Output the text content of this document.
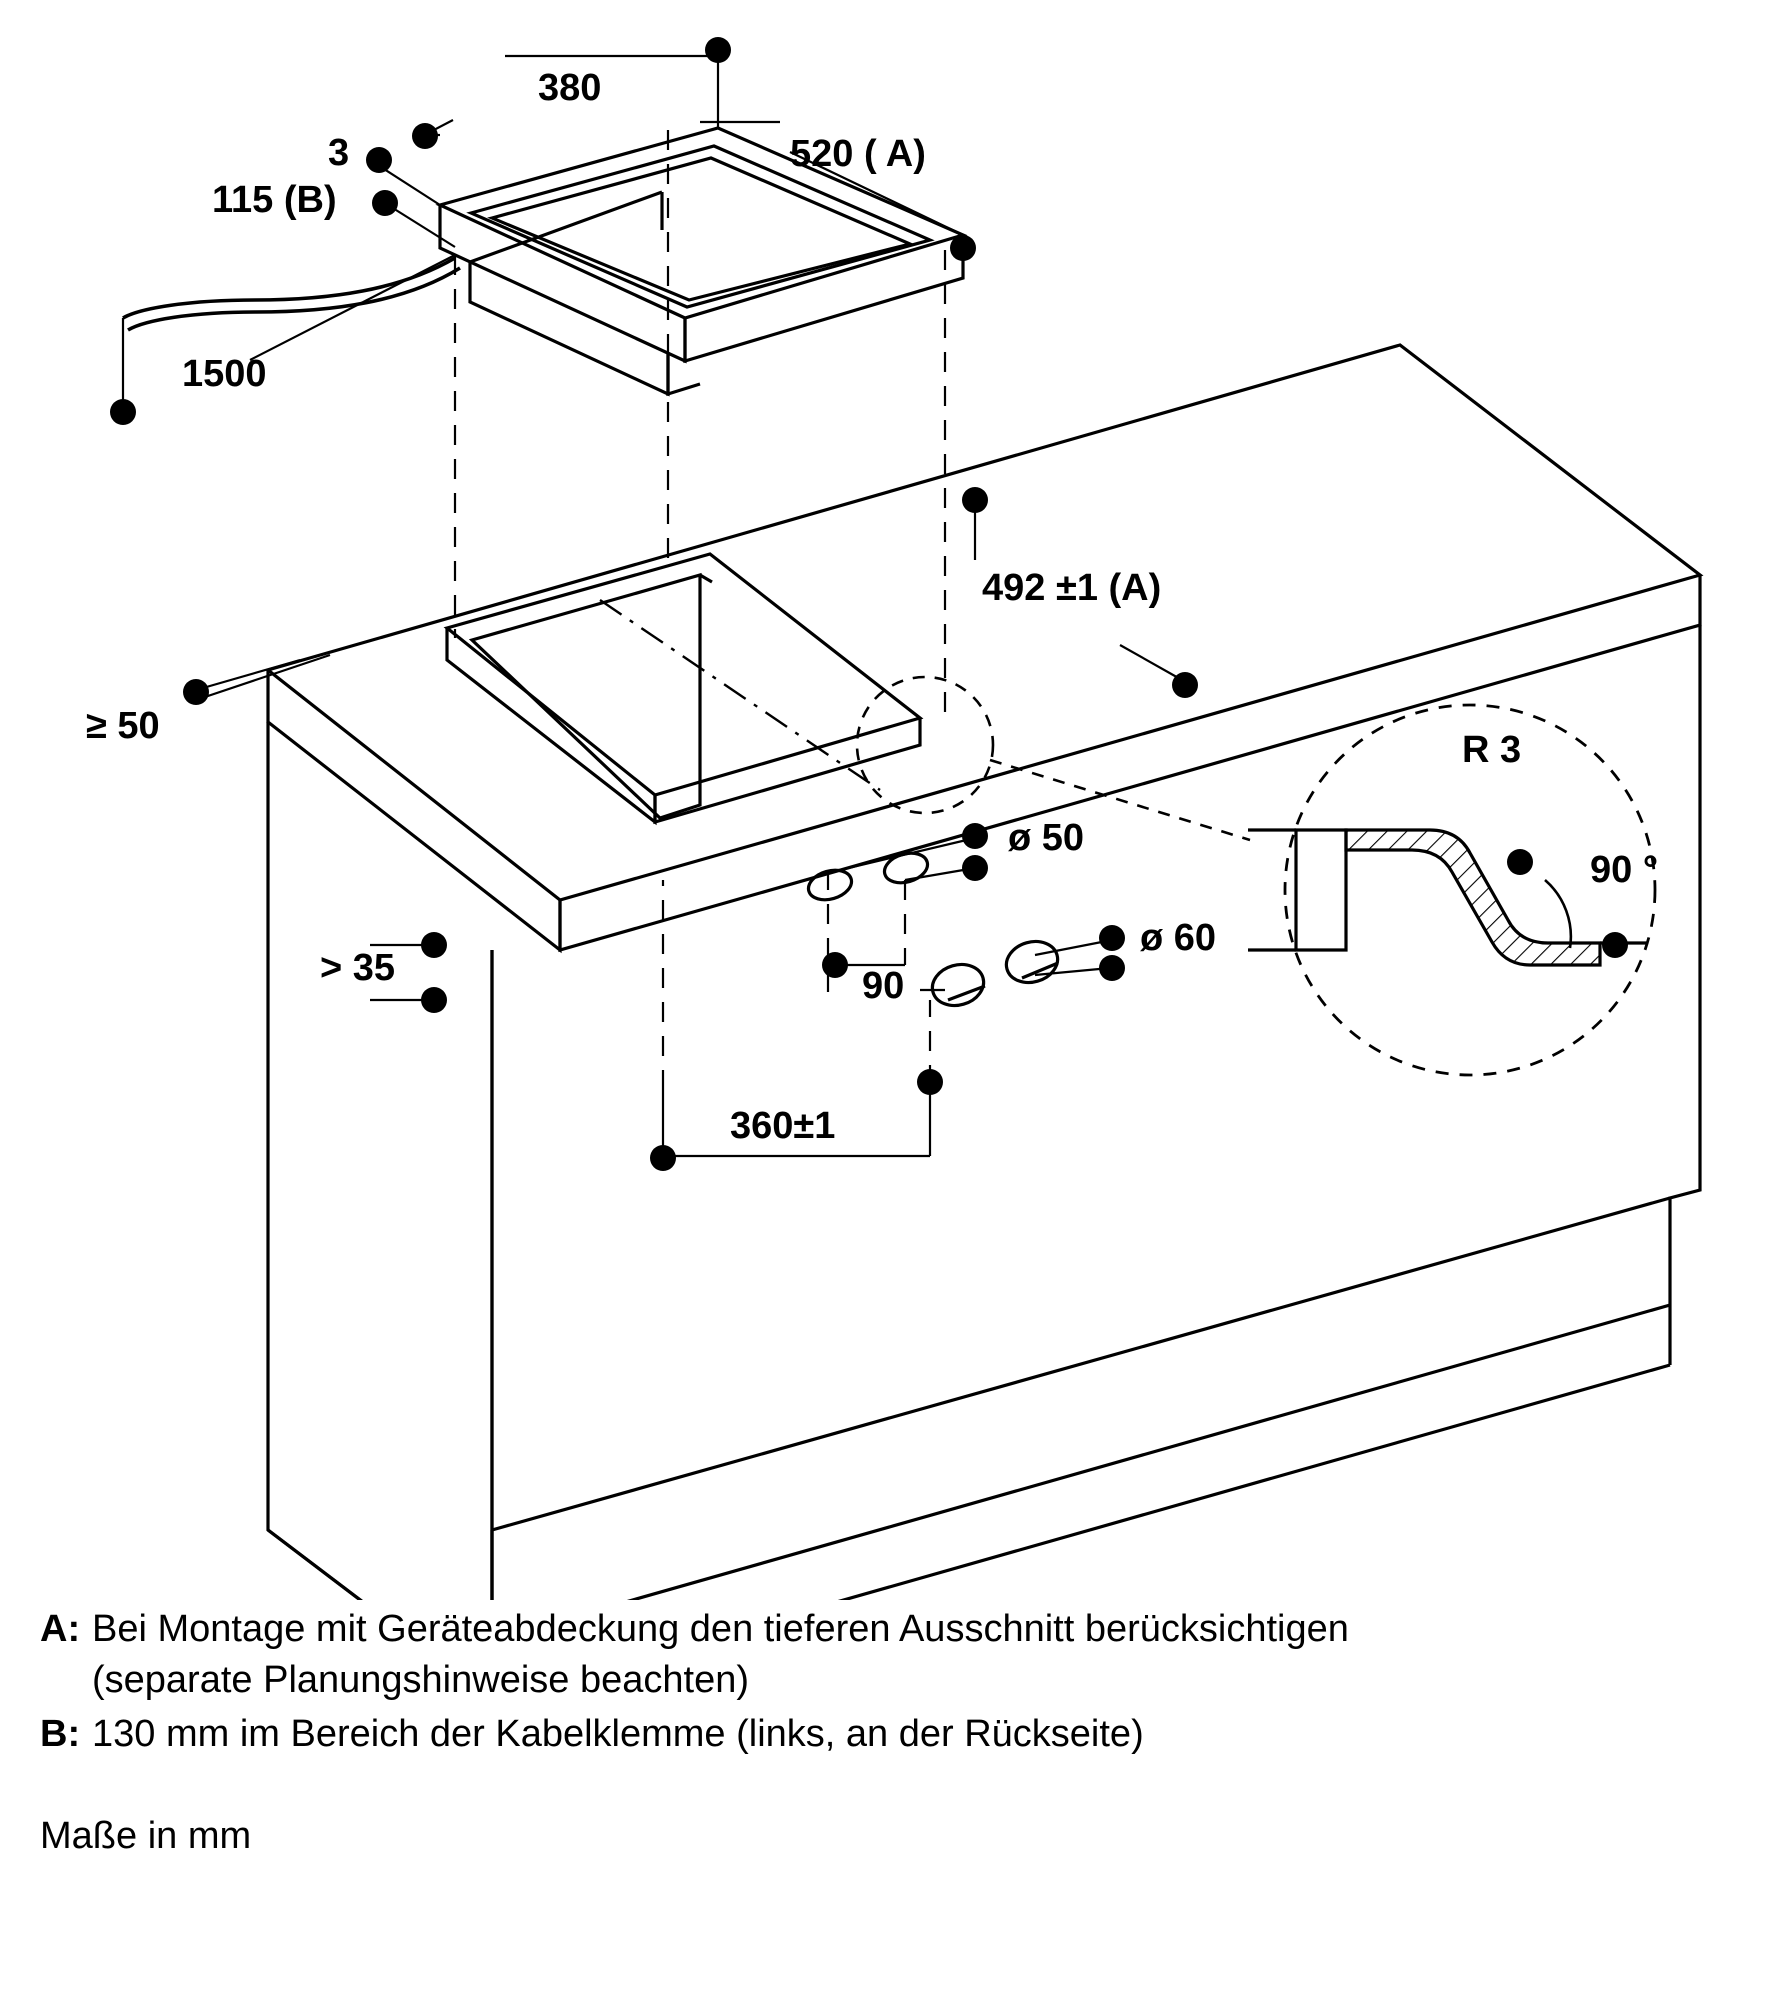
380
520 ( A)
3
115 (B)
1500
492 ±1 (A)
≥ 50
R 3
90 °
ø 50
ø 60
> 35	90
360±1
A: Bei Montage mit Geräteabdeckung den tieferen Ausschnitt berücksichtigen
(separate Planungshinweise beachten)
B: 130 mm im Bereich der Kabelklemme (links, an der Rückseite)
Maße in mm
